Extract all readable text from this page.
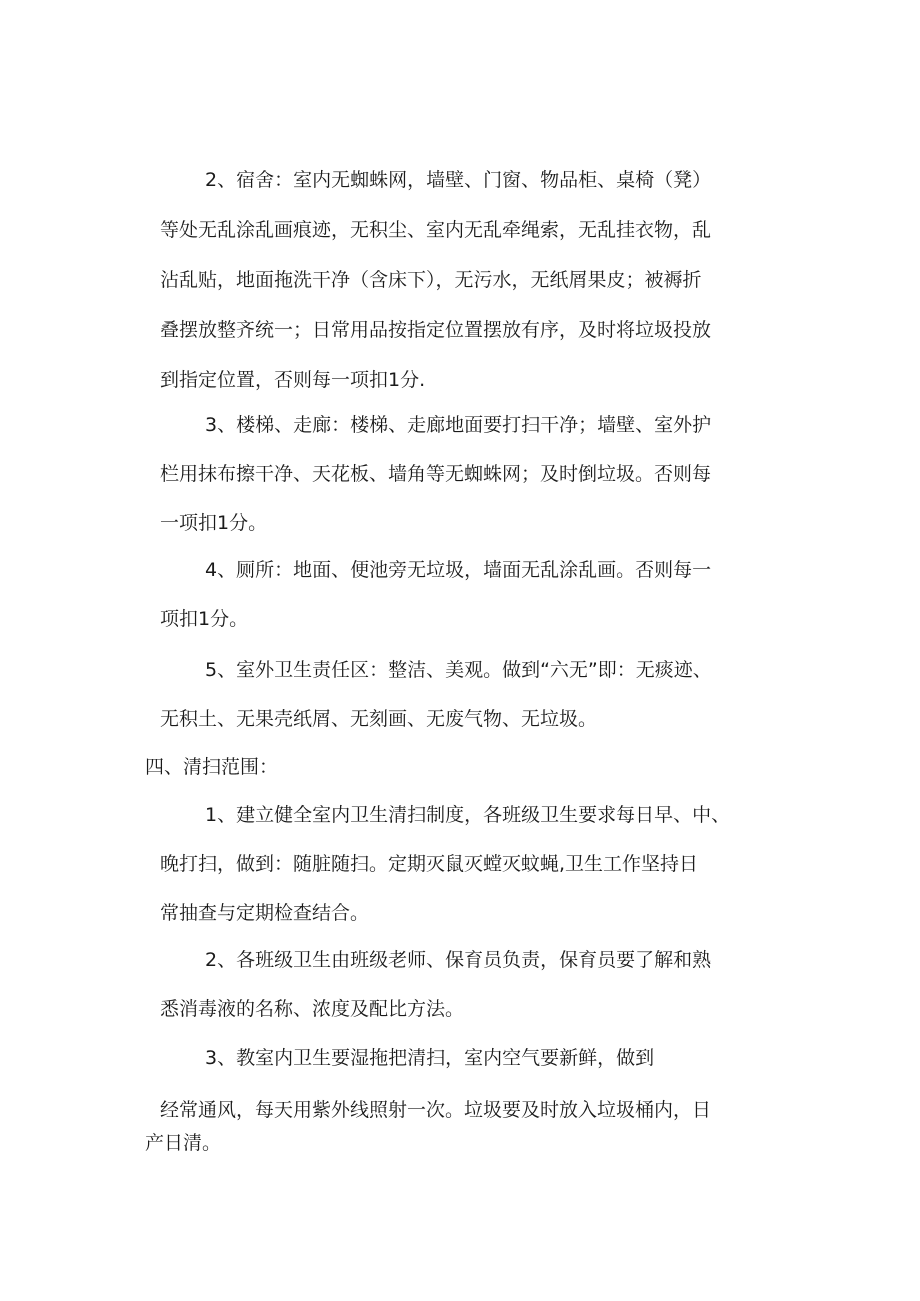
2、宿舍：室内无蜘蛛网，墙壁、门窗、物品柜、桌椅（凳）

等处无乱涂乱画痕迹，无积尘、室内无乱牵绳索，无乱挂衣物，乱

沾乱贴，地面拖洗干净（含床下），无污水，无纸屑果皮；被褥折

叠摆放整齐统一；日常用品按指定位置摆放有序，及时将垃圾投放

到指定位置，否则每一项扣1分.

3、楼梯、走廊：楼梯、走廊地面要打扫干净；墙壁、室外护

栏用抹布擦干净、天花板、墙角等无蜘蛛网；及时倒垃圾。否则每

一项扣1分。

4、厕所：地面、便池旁无垃圾，墙面无乱涂乱画。否则每一

项扣1分。

5、室外卫生责任区：整洁、美观。做到“六无”即：无痰迹、

无积土、无果壳纸屑、无刻画、无废气物、无垃圾。

四、清扫范围：

1、建立健全室内卫生清扫制度，各班级卫生要求每日早、中、

晚打扫，做到：随脏随扫。定期灭鼠灭螳灭蚊蝇,卫生工作坚持日

常抽查与定期检查结合。

2、各班级卫生由班级老师、保育员负责，保育员要了解和熟

悉消毒液的名称、浓度及配比方法。

3、教室内卫生要湿拖把清扫，室内空气要新鲜，做到

经常通风，每天用紫外线照射一次。垃圾要及时放入垃圾桶内，日

产日清。
